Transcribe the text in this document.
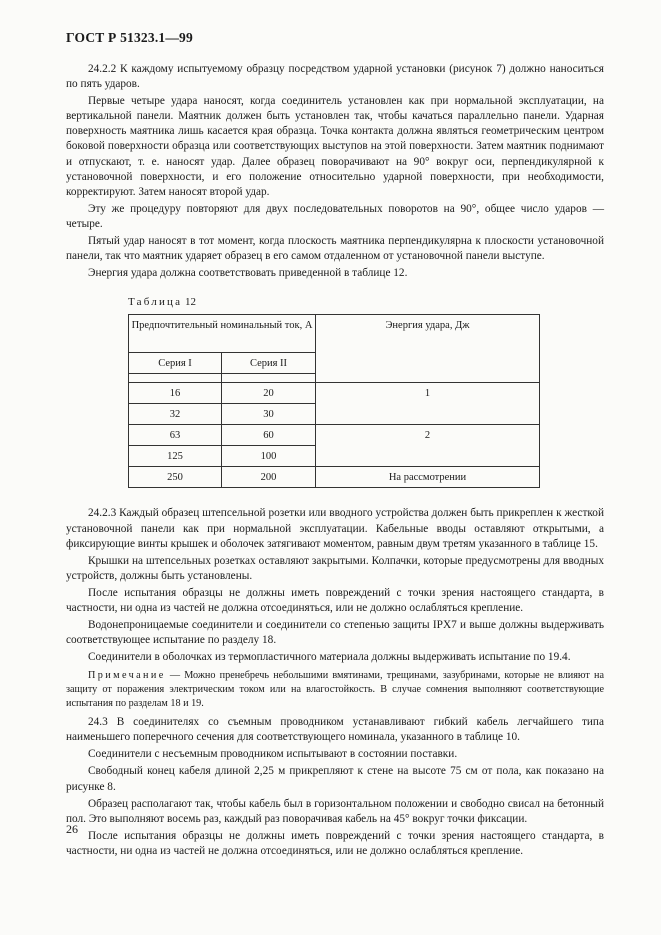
ГОСТ Р 51323.1—99

24.2.2 К каждому испытуемому образцу посредством ударной установки (рисунок 7) должно наноситься по пять ударов.

Первые четыре удара наносят, когда соединитель установлен как при нормальной эксплуатации, на вертикальной панели. Маятник должен быть установлен так, чтобы качаться параллельно панели. Ударная поверхность маятника лишь касается края образца. Точка контакта должна являться геометрическим центром боковой поверхности образца или соответствующих выступов на этой поверхности. Затем маятник поднимают и отпускают, т. е. наносят удар. Далее образец поворачивают на 90° вокруг оси, перпендикулярной к установочной поверхности, и его положение относительно ударной поверхности, при необходимости, корректируют. Затем наносят второй удар.

Эту же процедуру повторяют для двух последовательных поворотов на 90°, общее число ударов — четыре.

Пятый удар наносят в тот момент, когда плоскость маятника перпендикулярна к плоскости установочной панели, так что маятник ударяет образец в его самом отдаленном от установочной панели выступе.

Энергия удара должна соответствовать приведенной в таблице 12.

Таблица 12
Предпочтительный номинальный ток, А		Энергия удара, Дж
Серия I	Серия II	

16	20	1
32	30	
63	60	2
125	100	
250	200	На рассмотрении

24.2.3 Каждый образец штепсельной розетки или вводного устройства должен быть прикреплен к жесткой установочной панели как при нормальной эксплуатации. Кабельные вводы оставляют открытыми, а фиксирующие винты крышек и оболочек затягивают моментом, равным двум третям указанного в таблице 15.

Крышки на штепсельных розетках оставляют закрытыми. Колпачки, которые предусмотрены для вводных устройств, должны быть установлены.

После испытания образцы не должны иметь повреждений с точки зрения настоящего стандарта, в частности, ни одна из частей не должна отсоединяться, или не должно ослабляться крепление.

Водонепроницаемые соединители и соединители со степенью защиты IPX7 и выше должны выдерживать соответствующее испытание по разделу 18.

Соединители в оболочках из термопластичного материала должны выдерживать испытание по 19.4.

Примечание — Можно пренебречь небольшими вмятинами, трещинами, зазубринами, которые не влияют на защиту от поражения электрическим током или на влагостойкость. В случае сомнения выполняют соответствующие испытания по разделам 18 и 19.

24.3 В соединителях со съемным проводником устанавливают гибкий кабель легчайшего типа наименьшего поперечного сечения для соответствующего номинала, указанного в таблице 10.

Соединители с несъемным проводником испытывают в состоянии поставки.

Свободный конец кабеля длиной 2,25 м прикрепляют к стене на высоте 75 см от пола, как показано на рисунке 8.

Образец располагают так, чтобы кабель был в горизонтальном положении и свободно свисал на бетонный пол. Это выполняют восемь раз, каждый раз поворачивая кабель на 45° вокруг точки фиксации.

После испытания образцы не должны иметь повреждений с точки зрения настоящего стандарта, в частности, ни одна из частей не должна отсоединяться, или не должно ослабляться крепление.

26
